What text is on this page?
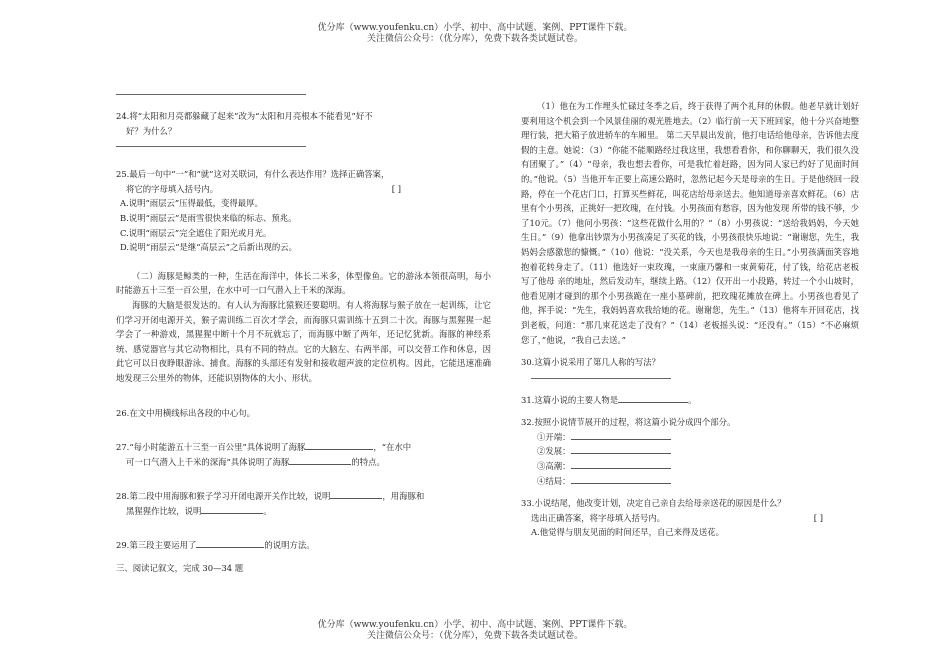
优分库（www.youfenku.cn）小学、初中、高中试题、案例、PPT课件下载。
关注微信公众号：（优分库），免费下载各类试题试卷。

24.将“太阳和月亮都躲藏了起来”改为“太阳和月亮根本不能看见”好不

好？为什么？

25.最后一句中“一”和“就”这对关联词，有什么表达作用？选择正确答案，

将它的字母填入括号内。	[ ]

A.说明“雨层云”压得最低，变得最厚。

B.说明“雨层云”是雨雪很快来临的标志、预兆。

C.说明“雨层云”完全遮住了阳光或月光。

D.说明“雨层云”是继“高层云”之后新出现的云。

（二）海豚是鲸类的一种，生活在海洋中，体长二米多，体型像鱼。它的游泳本领很高明，每小时能游五十三至一百公里，在水中可一口气潜入上千米的深海。

海豚的大脑是很发达的。有人认为海豚比猿猴还要聪明。有人将海豚与猴子放在一起训练，让它们学习开闭电源开关，猴子需训练二百次才学会，而海豚只需训练十五到二十次。海豚与黑猩猩一起学会了一种游戏，黑猩猩中断十个月不玩就忘了，而海豚中断了两年，还记忆犹新。海豚的神经系统、感觉器官与其它动物相比，具有不同的特点。它的大脑左、右两半部，可以交替工作和休息，因此它可以日夜睁眼游泳、捕食。海豚的头部还有发射和接收超声波的定位机构。因此，它能迅速准确地发现三公里外的物体，还能识别物体的大小、形状。

26.在文中用横线标出各段的中心句。

27.“每小时能游五十三至一百公里”具体说明了海豚	，“在水中

可一口气潜入上千米的深海”具体说明了海豚	的特点。

28.第二段中用海豚和猴子学习开闭电源开关作比较，说明	，用海豚和

黑猩猩作比较，说明	。

29.第三段主要运用了	的说明方法。

三、阅读记叙文，完成 30—34 题

（1）他在为工作埋头忙碌过冬季之后，终于获得了两个礼拜的休假。他老早就计划好要利用这个机会到一个风景佳丽的观光胜地去。（2）临行前一天下班回家，他十分兴奋地整理行装，把大箱子放进轿车的车厢里。 第二天早晨出发前，他打电话给他母亲，告诉他去度假的主意。她说：（3）“你能不能顺路经过我这里，我想看看你，和你聊聊天，我们很久没有团聚了。”（4）“母亲，我也想去看你，可是我忙着赶路，因为同人家已约好了见面时间的。”他说。（5）当他开车正要上高速公路时，忽然记起今天是母亲的生日。于是他绕回一段 路，停在一个花店门口，打算买些鲜花，叫花店给母亲送去。他知道母亲喜欢鲜花。（6）店里有个小男孩，正挑好一把玫瑰，在付钱。小男孩面有愁容，因为他发现 所带的钱不够，少了10元。（7）他问小男孩：“这些花做什么用的？”（8）小男孩说：“送给我妈妈，今天她生日。”（9）他拿出钞票为小男孩凑足了买花的钱，小男孩很快乐地说：“谢谢您，先生，我妈妈会感激您的慷慨。”（10）他说：“没关系，今天也是我母亲的生日。”小男孩满面笑容地抱着花转身走了。（11）他选好一束玫瑰，一束康乃馨和一束黄菊花，付了钱，给花店老板写了他母 亲的地址，然后发动车，继续上路。（12）仅开出一小段路，转过一个小山坡时，他看见刚才碰到的那个小男孩跪在一座小墓碑前，把玫瑰花摊放在碑上。小男孩也看见了他，挥手说：“先生，我妈妈喜欢我给她的花。谢谢您，先生。”（13）他将车开回花店，找到老板，问道：“那几束花送走了没有？”（14）老板摇头说：“还没有。”（15）“不必麻烦您了，”他说，“我自己去送。”

30.这篇小说采用了第几人称的写法？

31.这篇小说的主要人物是	。

32.按照小说情节展开的过程，将这篇小说分成四个部分。

①开端：

②发展：

③高潮：

④结局：

33.小说结尾，他改变计划，决定自己亲自去给母亲送花的原因是什么？

选出正确答案，将字母填入括号内。	[ ]

A.他觉得与朋友见面的时间还早，自己来得及送花。

优分库（www.youfenku.cn）小学、初中、高中试题、案例、PPT课件下载。
关注微信公众号：（优分库），免费下载各类试题试卷。
